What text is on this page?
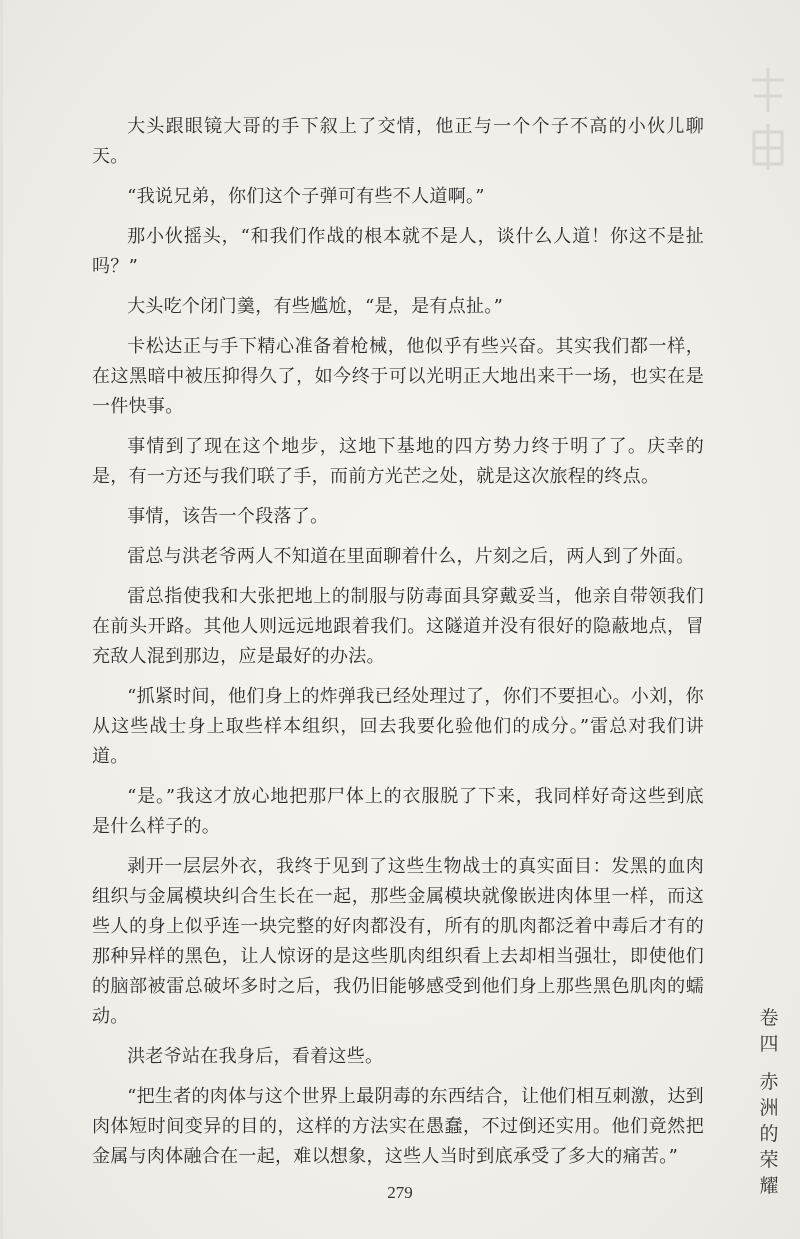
大头跟眼镜大哥的手下叙上了交情，他正与一个个子不高的小伙儿聊天。

“我说兄弟，你们这个子弹可有些不人道啊。”

那小伙摇头，“和我们作战的根本就不是人，谈什么人道！你这不是扯吗？”

大头吃个闭门羹，有些尴尬，“是，是有点扯。”

卡松达正与手下精心准备着枪械，他似乎有些兴奋。其实我们都一样，在这黑暗中被压抑得久了，如今终于可以光明正大地出来干一场，也实在是一件快事。

事情到了现在这个地步，这地下基地的四方势力终于明了了。庆幸的是，有一方还与我们联了手，而前方光芒之处，就是这次旅程的终点。

事情，该告一个段落了。

雷总与洪老爷两人不知道在里面聊着什么，片刻之后，两人到了外面。

雷总指使我和大张把地上的制服与防毒面具穿戴妥当，他亲自带领我们在前头开路。其他人则远远地跟着我们。这隧道并没有很好的隐蔽地点，冒充敌人混到那边，应是最好的办法。

“抓紧时间，他们身上的炸弹我已经处理过了，你们不要担心。小刘，你从这些战士身上取些样本组织，回去我要化验他们的成分。”雷总对我们讲道。

“是。”我这才放心地把那尸体上的衣服脱了下来，我同样好奇这些到底是什么样子的。

剥开一层层外衣，我终于见到了这些生物战士的真实面目：发黑的血肉组织与金属模块纠合生长在一起，那些金属模块就像嵌进肉体里一样，而这些人的身上似乎连一块完整的好肉都没有，所有的肌肉都泛着中毒后才有的那种异样的黑色，让人惊讶的是这些肌肉组织看上去却相当强壮，即使他们的脑部被雷总破坏多时之后，我仍旧能够感受到他们身上那些黑色肌肉的蠕动。

洪老爷站在我身后，看着这些。

“把生者的肉体与这个世界上最阴毒的东西结合，让他们相互刺激，达到肉体短时间变异的目的，这样的方法实在愚蠢，不过倒还实用。他们竟然把金属与肉体融合在一起，难以想象，这些人当时到底承受了多大的痛苦。”

卷四
赤洲的荣耀
279
